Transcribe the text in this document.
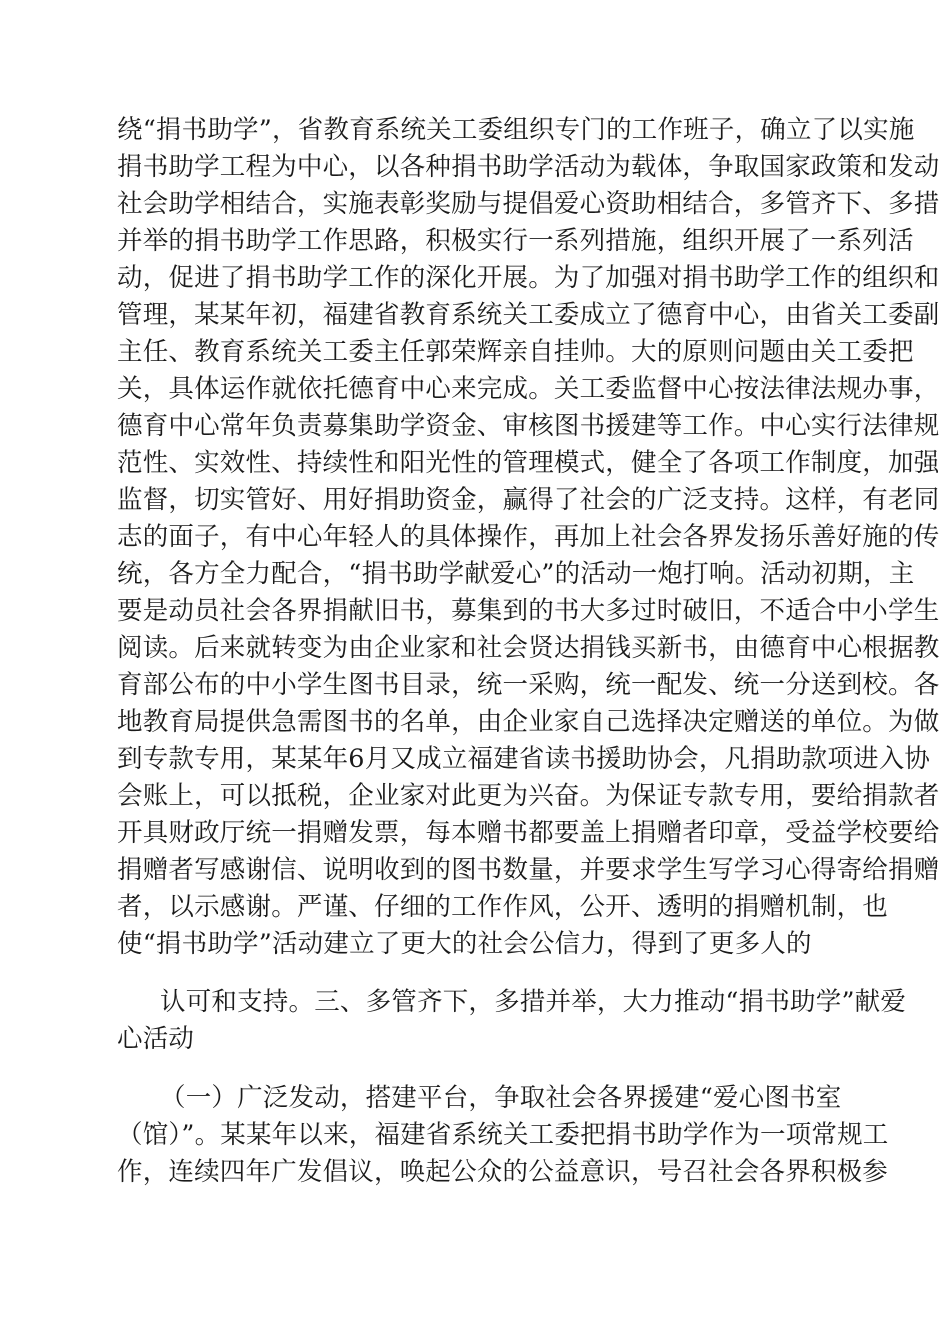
绕“捐书助学”，省教育系统关工委组织专门的工作班子，确立了以实施
捐书助学工程为中心，以各种捐书助学活动为载体，争取国家政策和发动
社会助学相结合，实施表彰奖励与提倡爱心资助相结合，多管齐下、多措
并举的捐书助学工作思路，积极实行一系列措施，组织开展了一系列活
动，促进了捐书助学工作的深化开展。为了加强对捐书助学工作的组织和
管理，某某年初，福建省教育系统关工委成立了德育中心，由省关工委副
主任、教育系统关工委主任郭荣辉亲自挂帅。大的原则问题由关工委把
关，具体运作就依托德育中心来完成。关工委监督中心按法律法规办事，
德育中心常年负责募集助学资金、审核图书援建等工作。中心实行法律规
范性、实效性、持续性和阳光性的管理模式，健全了各项工作制度，加强
监督，切实管好、用好捐助资金，赢得了社会的广泛支持。这样，有老同
志的面子，有中心年轻人的具体操作，再加上社会各界发扬乐善好施的传
统，各方全力配合，“捐书助学献爱心”的活动一炮打响。活动初期，主
要是动员社会各界捐献旧书，募集到的书大多过时破旧，不适合中小学生
阅读。后来就转变为由企业家和社会贤达捐钱买新书，由德育中心根据教
育部公布的中小学生图书目录，统一采购，统一配发、统一分送到校。各
地教育局提供急需图书的名单，由企业家自己选择决定赠送的单位。为做
到专款专用，某某年6月又成立福建省读书援助协会，凡捐助款项进入协
会账上，可以抵税，企业家对此更为兴奋。为保证专款专用，要给捐款者
开具财政厅统一捐赠发票，每本赠书都要盖上捐赠者印章，受益学校要给
捐赠者写感谢信、说明收到的图书数量，并要求学生写学习心得寄给捐赠
者，以示感谢。严谨、仔细的工作作风，公开、透明的捐赠机制，也
使“捐书助学”活动建立了更大的社会公信力，得到了更多人的
认可和支持。三、多管齐下，多措并举，大力推动“捐书助学”献爱
心活动
（一）广泛发动，搭建平台，争取社会各界援建“爱心图书室
（馆）”。某某年以来，福建省系统关工委把捐书助学作为一项常规工
作，连续四年广发倡议，唤起公众的公益意识，号召社会各界积极参
